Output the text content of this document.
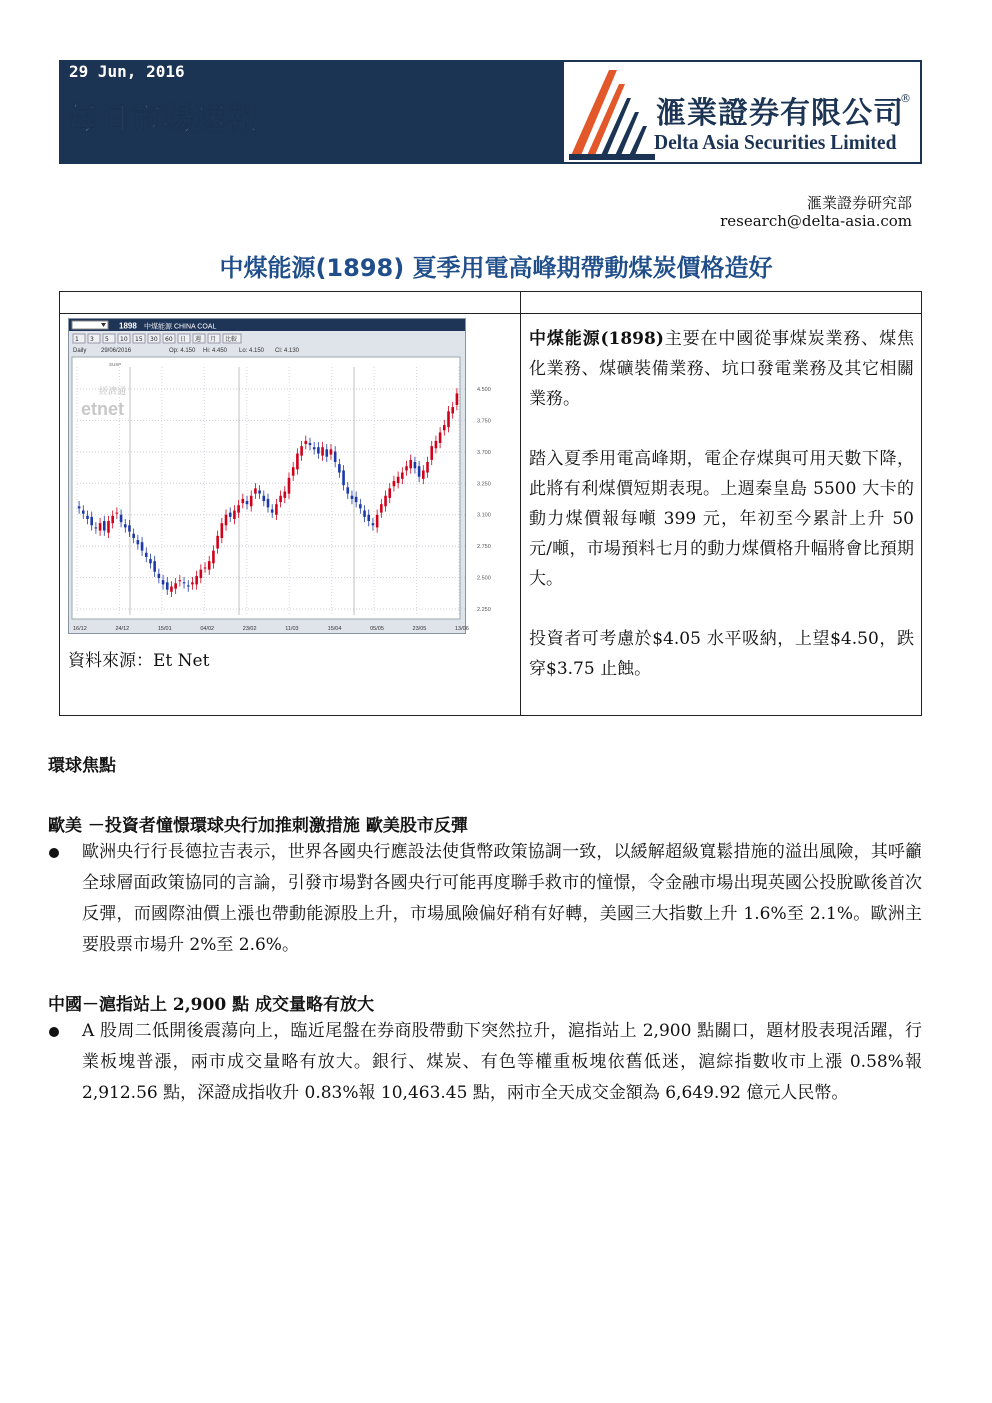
29 Jun, 2016
每日市場速報	滙業證券有限公司
®
Delta Asia Securities Limited
滙業證券研究部
research@delta-asia.com
中煤能源(1898) 夏季用電高峰期帶動煤炭價格造好
1898 中煤能源 CHINA COAL
1 3 5 10 15 30 60 日 週 月 比較
Daily 29/06/2016	Op: 4.150 Hi: 4.450 Lo: 4.150 Cl: 4.130
經濟通
etnet
SUSP
4.500
3.750
3.700
3.250
3.100
2.750
2.500
2.250
16/12	24/12	15/01	04/02	23/02	11/03	15/04	05/05	23/05	13/06
資料來源：Et Net
中煤能源(1898)主要在中國從事煤炭業務、煤焦化業務、煤礦裝備業務、坑口發電業務及其它相關業務。
踏入夏季用電高峰期，電企存煤與可用天數下降，此將有利煤價短期表現。上週秦皇島 5500 大卡的動力煤價報每噸 399 元，年初至今累計上升 50 元/噸，市場預料七月的動力煤價格升幅將會比預期大。
投資者可考慮於$4.05 水平吸納，上望$4.50，跌穿$3.75 止蝕。
環球焦點
歐美 －投資者憧憬環球央行加推刺激措施 歐美股市反彈
歐洲央行行長德拉吉表示，世界各國央行應設法使貨幣政策協調一致，以緩解超級寬鬆措施的溢出風險，其呼籲全球層面政策協同的言論，引發市場對各國央行可能再度聯手救市的憧憬，令金融市場出現英國公投脫歐後首次反彈，而國際油價上漲也帶動能源股上升，市場風險偏好稍有好轉，美國三大指數上升 1.6%至 2.1%。歐洲主要股票市場升 2%至 2.6%。
中國－滬指站上 2,900 點 成交量略有放大
A 股周二低開後震蕩向上，臨近尾盤在券商股帶動下突然拉升，滬指站上 2,900 點關口，題材股表現活躍，行業板塊普漲，兩市成交量略有放大。銀行、煤炭、有色等權重板塊依舊低迷，滬綜指數收市上漲 0.58%報 2,912.56 點，深證成指收升 0.83%報 10,463.45 點，兩市全天成交金額為 6,649.92 億元人民幣。
